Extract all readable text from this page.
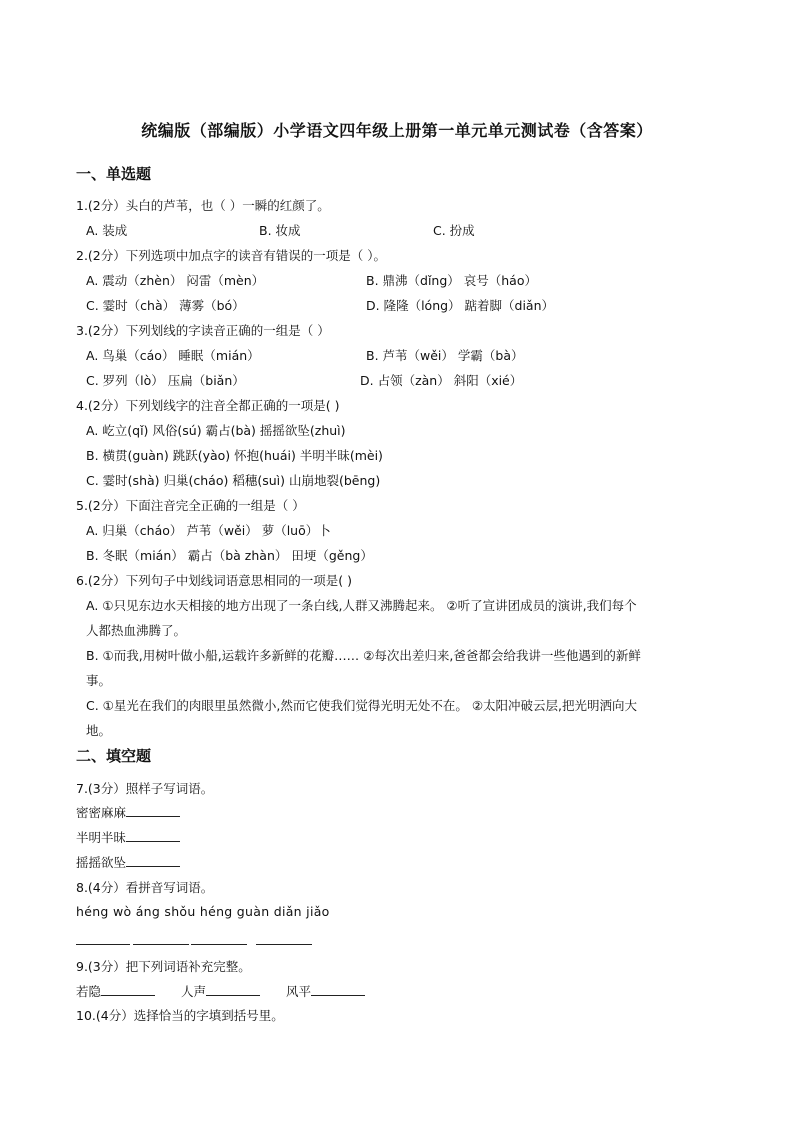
统编版（部编版）小学语文四年级上册第一单元单元测试卷（含答案）
一、单选题
1.(2分）头白的芦苇，也（ ）一瞬的红颜了。
A. 装成	B. 妆成	C. 扮成
2.(2分）下列选项中加点字的读音有错误的一项是（ ）。
A. 震动（zhèn） 闷雷（mèn）	B. 鼎沸（dǐng） 哀号（háo）
C. 霎时（chà） 薄雾（bó）	D. 隆隆（lóng） 踮着脚（diǎn）
3.(2分）下列划线的字读音正确的一组是（ ）
A. 鸟巢（cáo） 睡眠（mián）	B. 芦苇（wěi） 学霸（bà）
C. 罗列（lò） 压扁（biǎn）	D. 占领（zàn） 斜阳（xié）
4.(2分）下列划线字的注音全都正确的一项是( )
A. 屹立(qǐ) 风俗(sú) 霸占(bà) 摇摇欲坠(zhuì)
B. 横贯(guàn) 跳跃(yào) 怀抱(huái) 半明半昧(mèi)
C. 霎时(shà) 归巢(cháo) 稻穗(suì) 山崩地裂(bēng)
5.(2分）下面注音完全正确的一组是（ ）
A. 归巢（cháo） 芦苇（wěi） 萝（luō）卜
B. 冬眠（mián） 霸占（bà zhàn） 田埂（gěng）
6.(2分）下列句子中划线词语意思相同的一项是( )
A. ①只见东边水天相接的地方出现了一条白线,人群又沸腾起来。 ②听了宣讲团成员的演讲,我们每个
人都热血沸腾了。
B. ①而我,用树叶做小船,运载许多新鲜的花瓣…… ②每次出差归来,爸爸都会给我讲一些他遇到的新鲜
事。
C. ①星光在我们的肉眼里虽然微小,然而它使我们觉得光明无处不在。 ②太阳冲破云层,把光明洒向大
地。
二、填空题
7.(3分）照样子写词语。
密密麻麻
半明半昧
摇摇欲坠
8.(4分）看拼音写词语。
héng wò áng shǒu héng guàn diǎn jiǎo
9.(3分）把下列词语补充完整。
若隐	人声	风平
10.(4分）选择恰当的字填到括号里。
